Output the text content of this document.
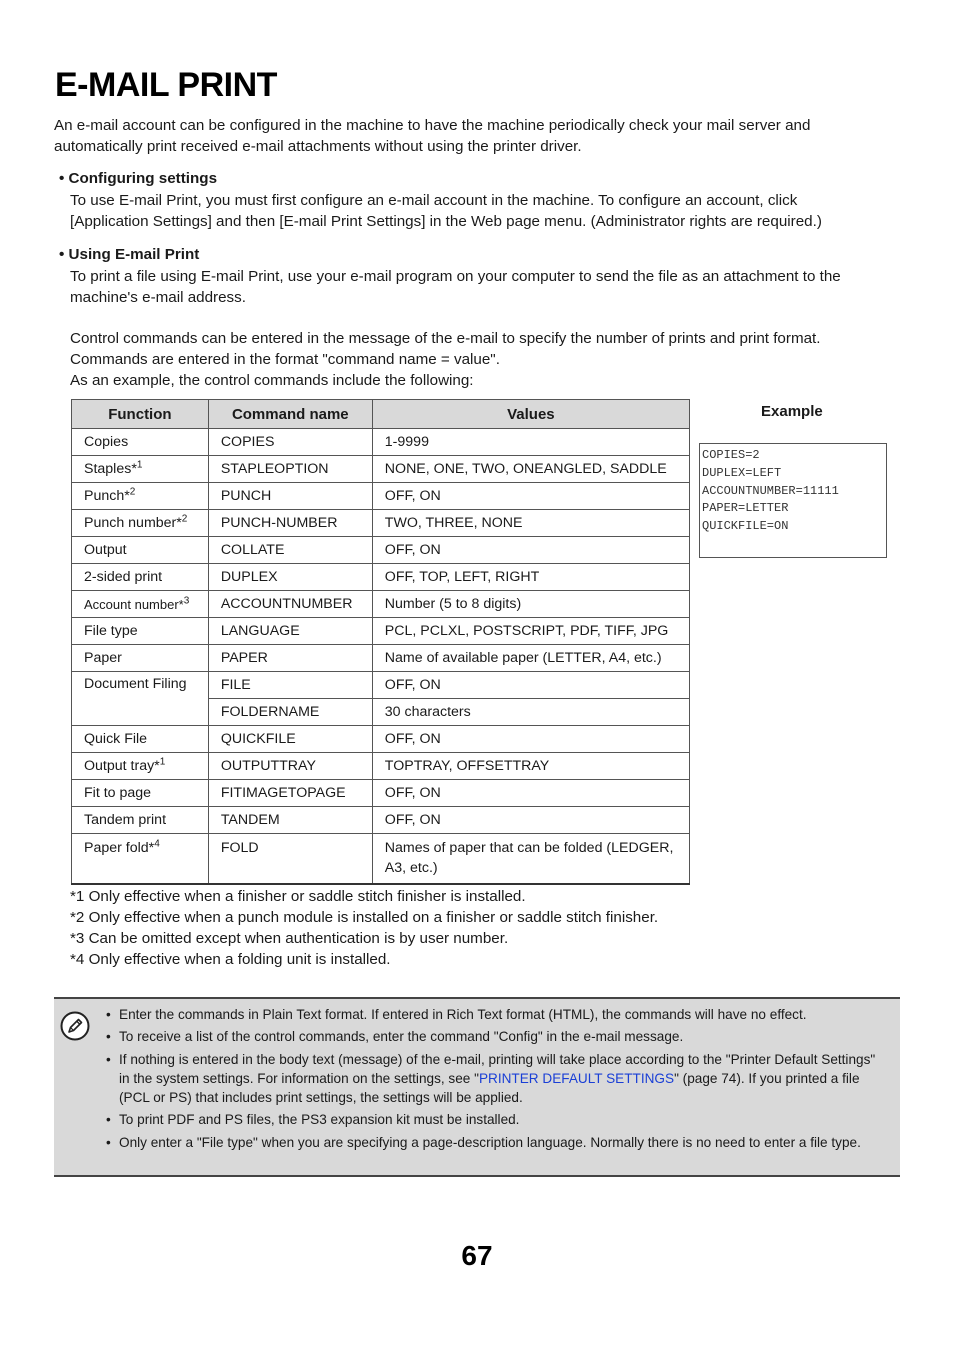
E-MAIL PRINT

An e-mail account can be configured in the machine to have the machine periodically check your mail server and
automatically print received e-mail attachments without using the printer driver.

• Configuring settings

To use E-mail Print, you must first configure an e-mail account in the machine. To configure an account, click
[Application Settings] and then [E-mail Print Settings] in the Web page menu. (Administrator rights are required.)

• Using E-mail Print

To print a file using E-mail Print, use your e-mail program on your computer to send the file as an attachment to the
machine's e-mail address.

Control commands can be entered in the message of the e-mail to specify the number of prints and print format.
Commands are entered in the format "command name = value".
As an example, the control commands include the following:

Function	Command name	Values
Copies	COPIES	1-9999
Staples*$^1$	STAPLEOPTION	NONE, ONE, TWO, ONEANGLED, SADDLE
Punch*$^2$	PUNCH	OFF, ON
Punch number*$^2$	PUNCH-NUMBER	TWO, THREE, NONE
Output	COLLATE	OFF, ON
2-sided print	DUPLEX	OFF, TOP, LEFT, RIGHT
Account number*$^3$	ACCOUNTNUMBER	Number (5 to 8 digits)
File type	LANGUAGE	PCL, PCLXL, POSTSCRIPT, PDF, TIFF, JPG
Paper	PAPER	Name of available paper (LETTER, A4, etc.)
Document Filing	FILE	OFF, ON
	FOLDERNAME	30 characters
Quick File	QUICKFILE	OFF, ON
Output tray*$^1$	OUTPUTTRAY	TOPTRAY, OFFSETTRAY
Fit to page	FITIMAGETOPAGE	OFF, ON
Tandem print	TANDEM	OFF, ON
Paper fold*$^4$	FOLD	Names of paper that can be folded (LEDGER, A3, etc.)

Example

COPIES=2
DUPLEX=LEFT
ACCOUNTNUMBER=11111
PAPER=LETTER
QUICKFILE=ON

*1 Only effective when a finisher or saddle stitch finisher is installed.
*2 Only effective when a punch module is installed on a finisher or saddle stitch finisher.
*3 Can be omitted except when authentication is by user number.
*4 Only effective when a folding unit is installed.

• Enter the commands in Plain Text format. If entered in Rich Text format (HTML), the commands will have no effect.
• To receive a list of the control commands, enter the command "Config" in the e-mail message.
• If nothing is entered in the body text (message) of the e-mail, printing will take place according to the "Printer Default Settings" in the system settings. For information on the settings, see "PRINTER DEFAULT SETTINGS" (page 74). If you printed a file (PCL or PS) that includes print settings, the settings will be applied.
• To print PDF and PS files, the PS3 expansion kit must be installed.
• Only enter a "File type" when you are specifying a page-description language. Normally there is no need to enter a file type.

67
